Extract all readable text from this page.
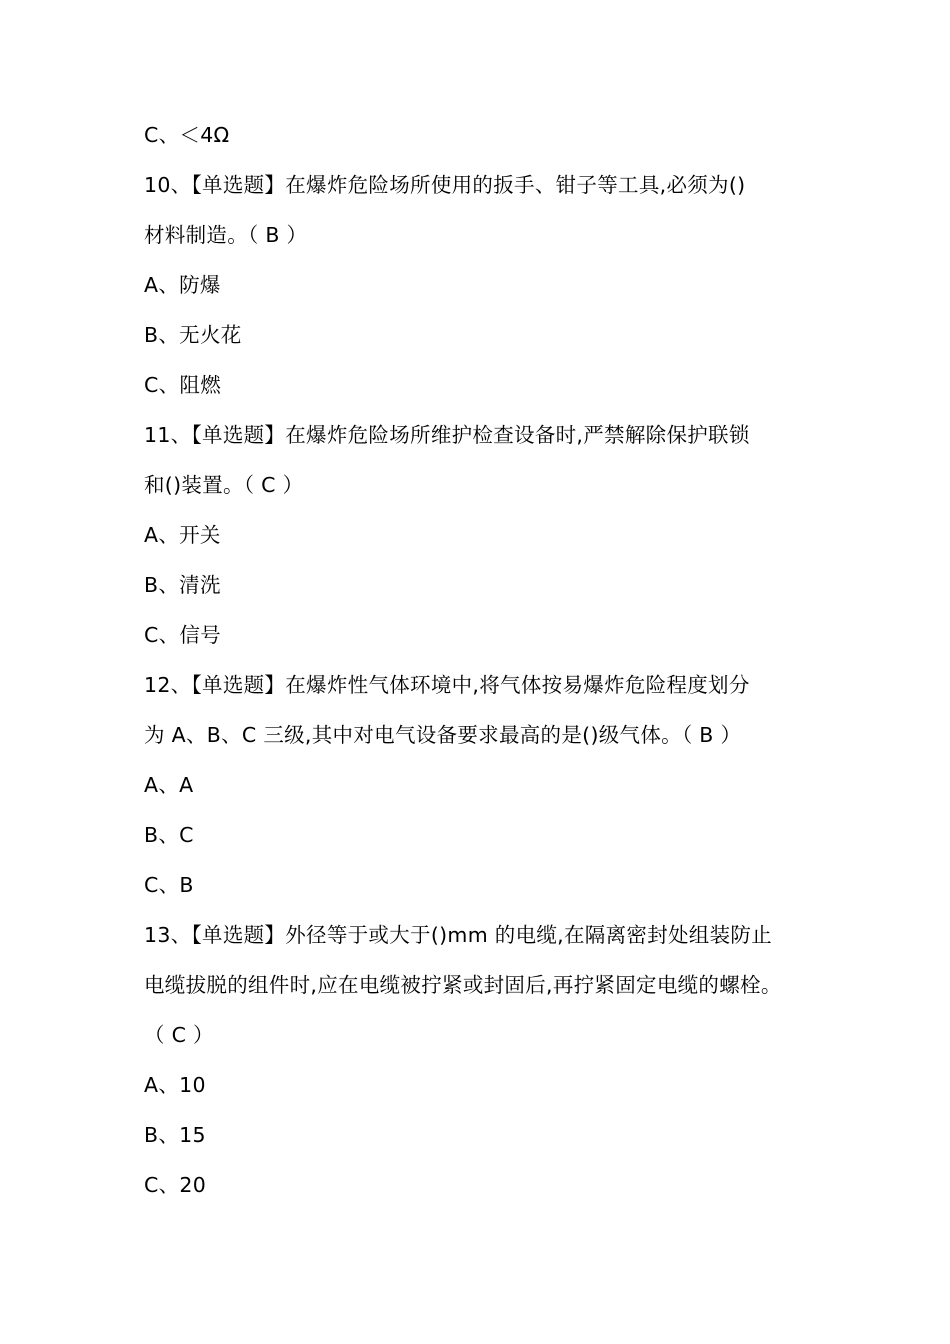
C、＜4Ω
10、【单选题】在爆炸危险场所使用的扳手、钳子等工具,必须为()
材料制造。（ B ）
A、防爆
B、无火花
C、阻燃
11、【单选题】在爆炸危险场所维护检查设备时,严禁解除保护联锁
和()装置。（ C ）
A、开关
B、清洗
C、信号
12、【单选题】在爆炸性气体环境中,将气体按易爆炸危险程度划分
为 A、B、C 三级,其中对电气设备要求最高的是()级气体。（ B ）
A、A
B、C
C、B
13、【单选题】外径等于或大于()mm 的电缆,在隔离密封处组装防止
电缆拔脱的组件时,应在电缆被拧紧或封固后,再拧紧固定电缆的螺栓。
（ C ）
A、10
B、15
C、20
